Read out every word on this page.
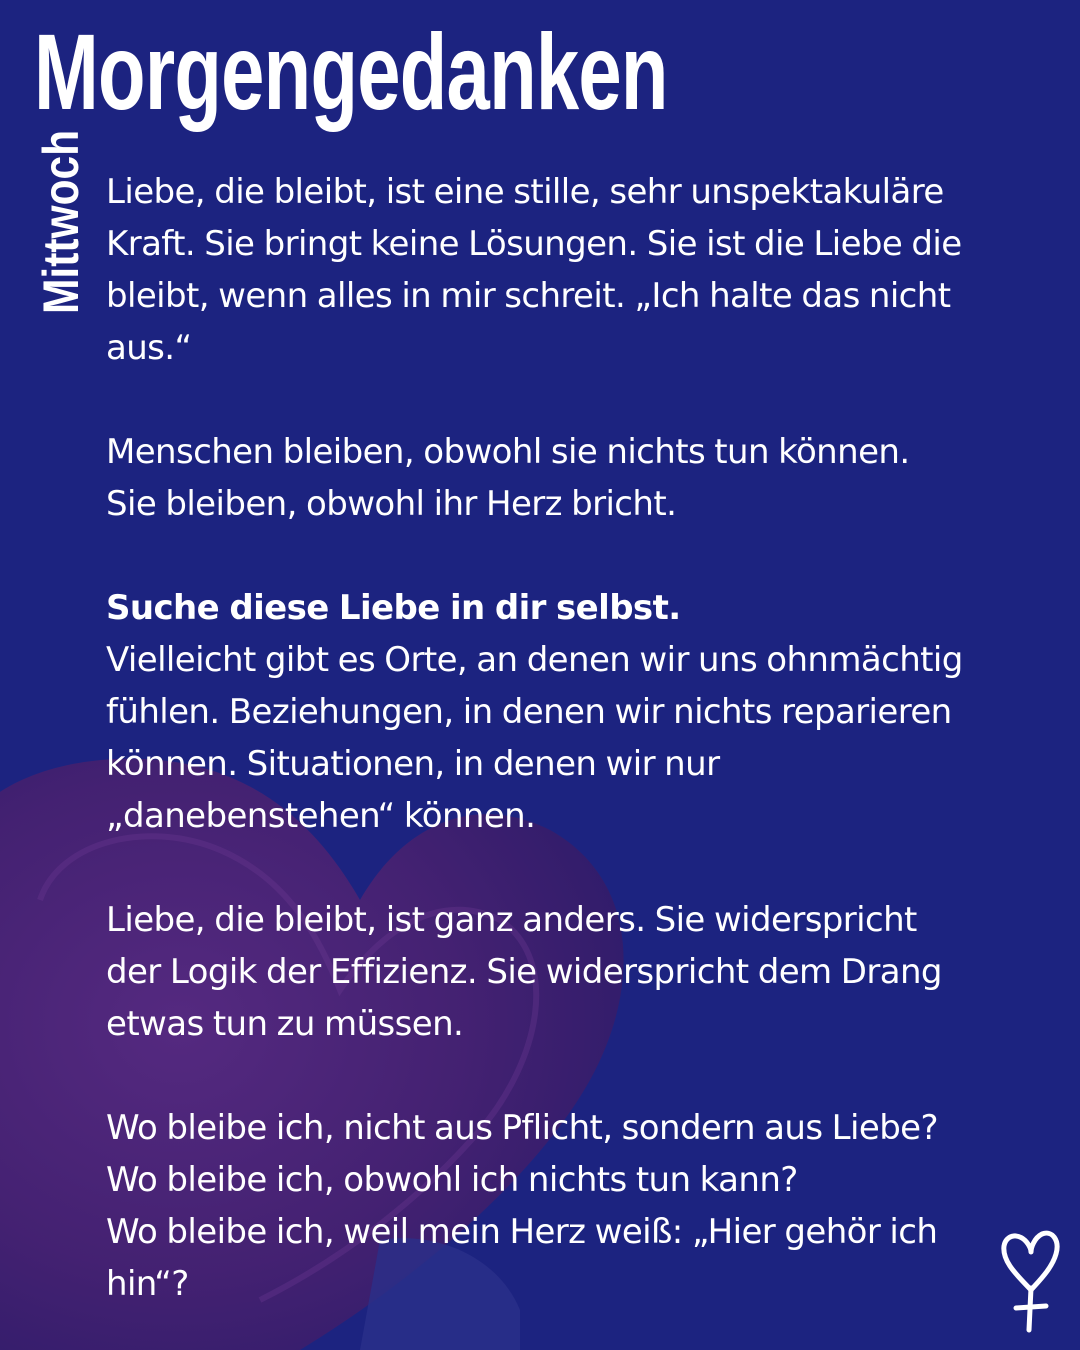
Morgengedanken
Mittwoch Liebe, die bleibt, ist eine stille, sehr unspektakuläre
Kraft. Sie bringt keine Lösungen. Sie ist die Liebe die
bleibt, wenn alles in mir schreit. „Ich halte das nicht
aus.“

Menschen bleiben, obwohl sie nichts tun können.
Sie bleiben, obwohl ihr Herz bricht.

Suche diese Liebe in dir selbst.
Vielleicht gibt es Orte, an denen wir uns ohnmächtig
fühlen. Beziehungen, in denen wir nichts reparieren
können. Situationen, in denen wir nur
„danebenstehen“ können.

Liebe, die bleibt, ist ganz anders. Sie widerspricht
der Logik der Effizienz. Sie widerspricht dem Drang
etwas tun zu müssen.

Wo bleibe ich, nicht aus Pflicht, sondern aus Liebe?
Wo bleibe ich, obwohl ich nichts tun kann?
Wo bleibe ich, weil mein Herz weiß: „Hier gehör ich
hin“?
